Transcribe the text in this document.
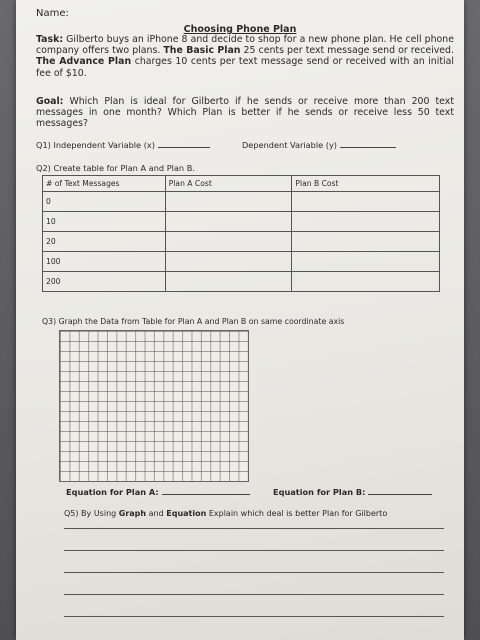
Name:
Choosing Phone Plan
Task: Gilberto buys an iPhone 8 and decide to shop for a new phone plan. He cell phone company offers two plans. The Basic Plan 25 cents per text message send or received. The Advance Plan charges 10 cents per text message send or received with an initial fee of $10.
Goal: Which Plan is ideal for Gilberto if he sends or receive more than 200 text messages in one month? Which Plan is better if he sends or receive less 50 text messages?
Q1) Independent Variable (x)	Dependent Variable (y)
Q2) Create table for Plan A and Plan B.
# of Text Messages	Plan A Cost	Plan B Cost
0		
10		
20		
100		
200		
Q3) Graph the Data from Table for Plan A and Plan B on same coordinate axis
Equation for Plan A:	Equation for Plan B:
Q5) By Using Graph and Equation Explain which deal is better Plan for Gilberto
